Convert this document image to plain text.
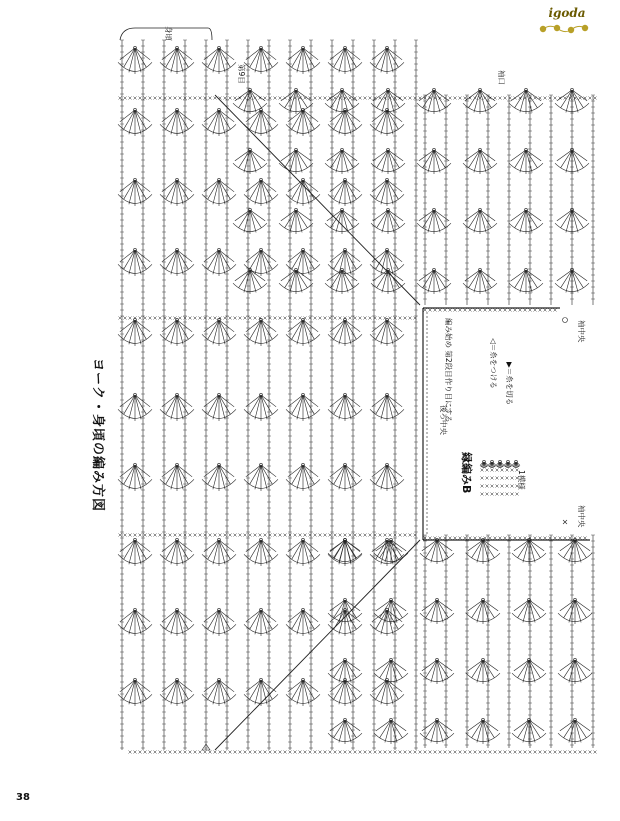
igoda
ヨーク・身頃の編み方図
袖口
袖中央
袖中央
後ろ中央
縁編みB
◁＝糸をつける ▶＝糸を切る
1模様
第9目
身頃
編み始め 第2段目作り目にする
38
